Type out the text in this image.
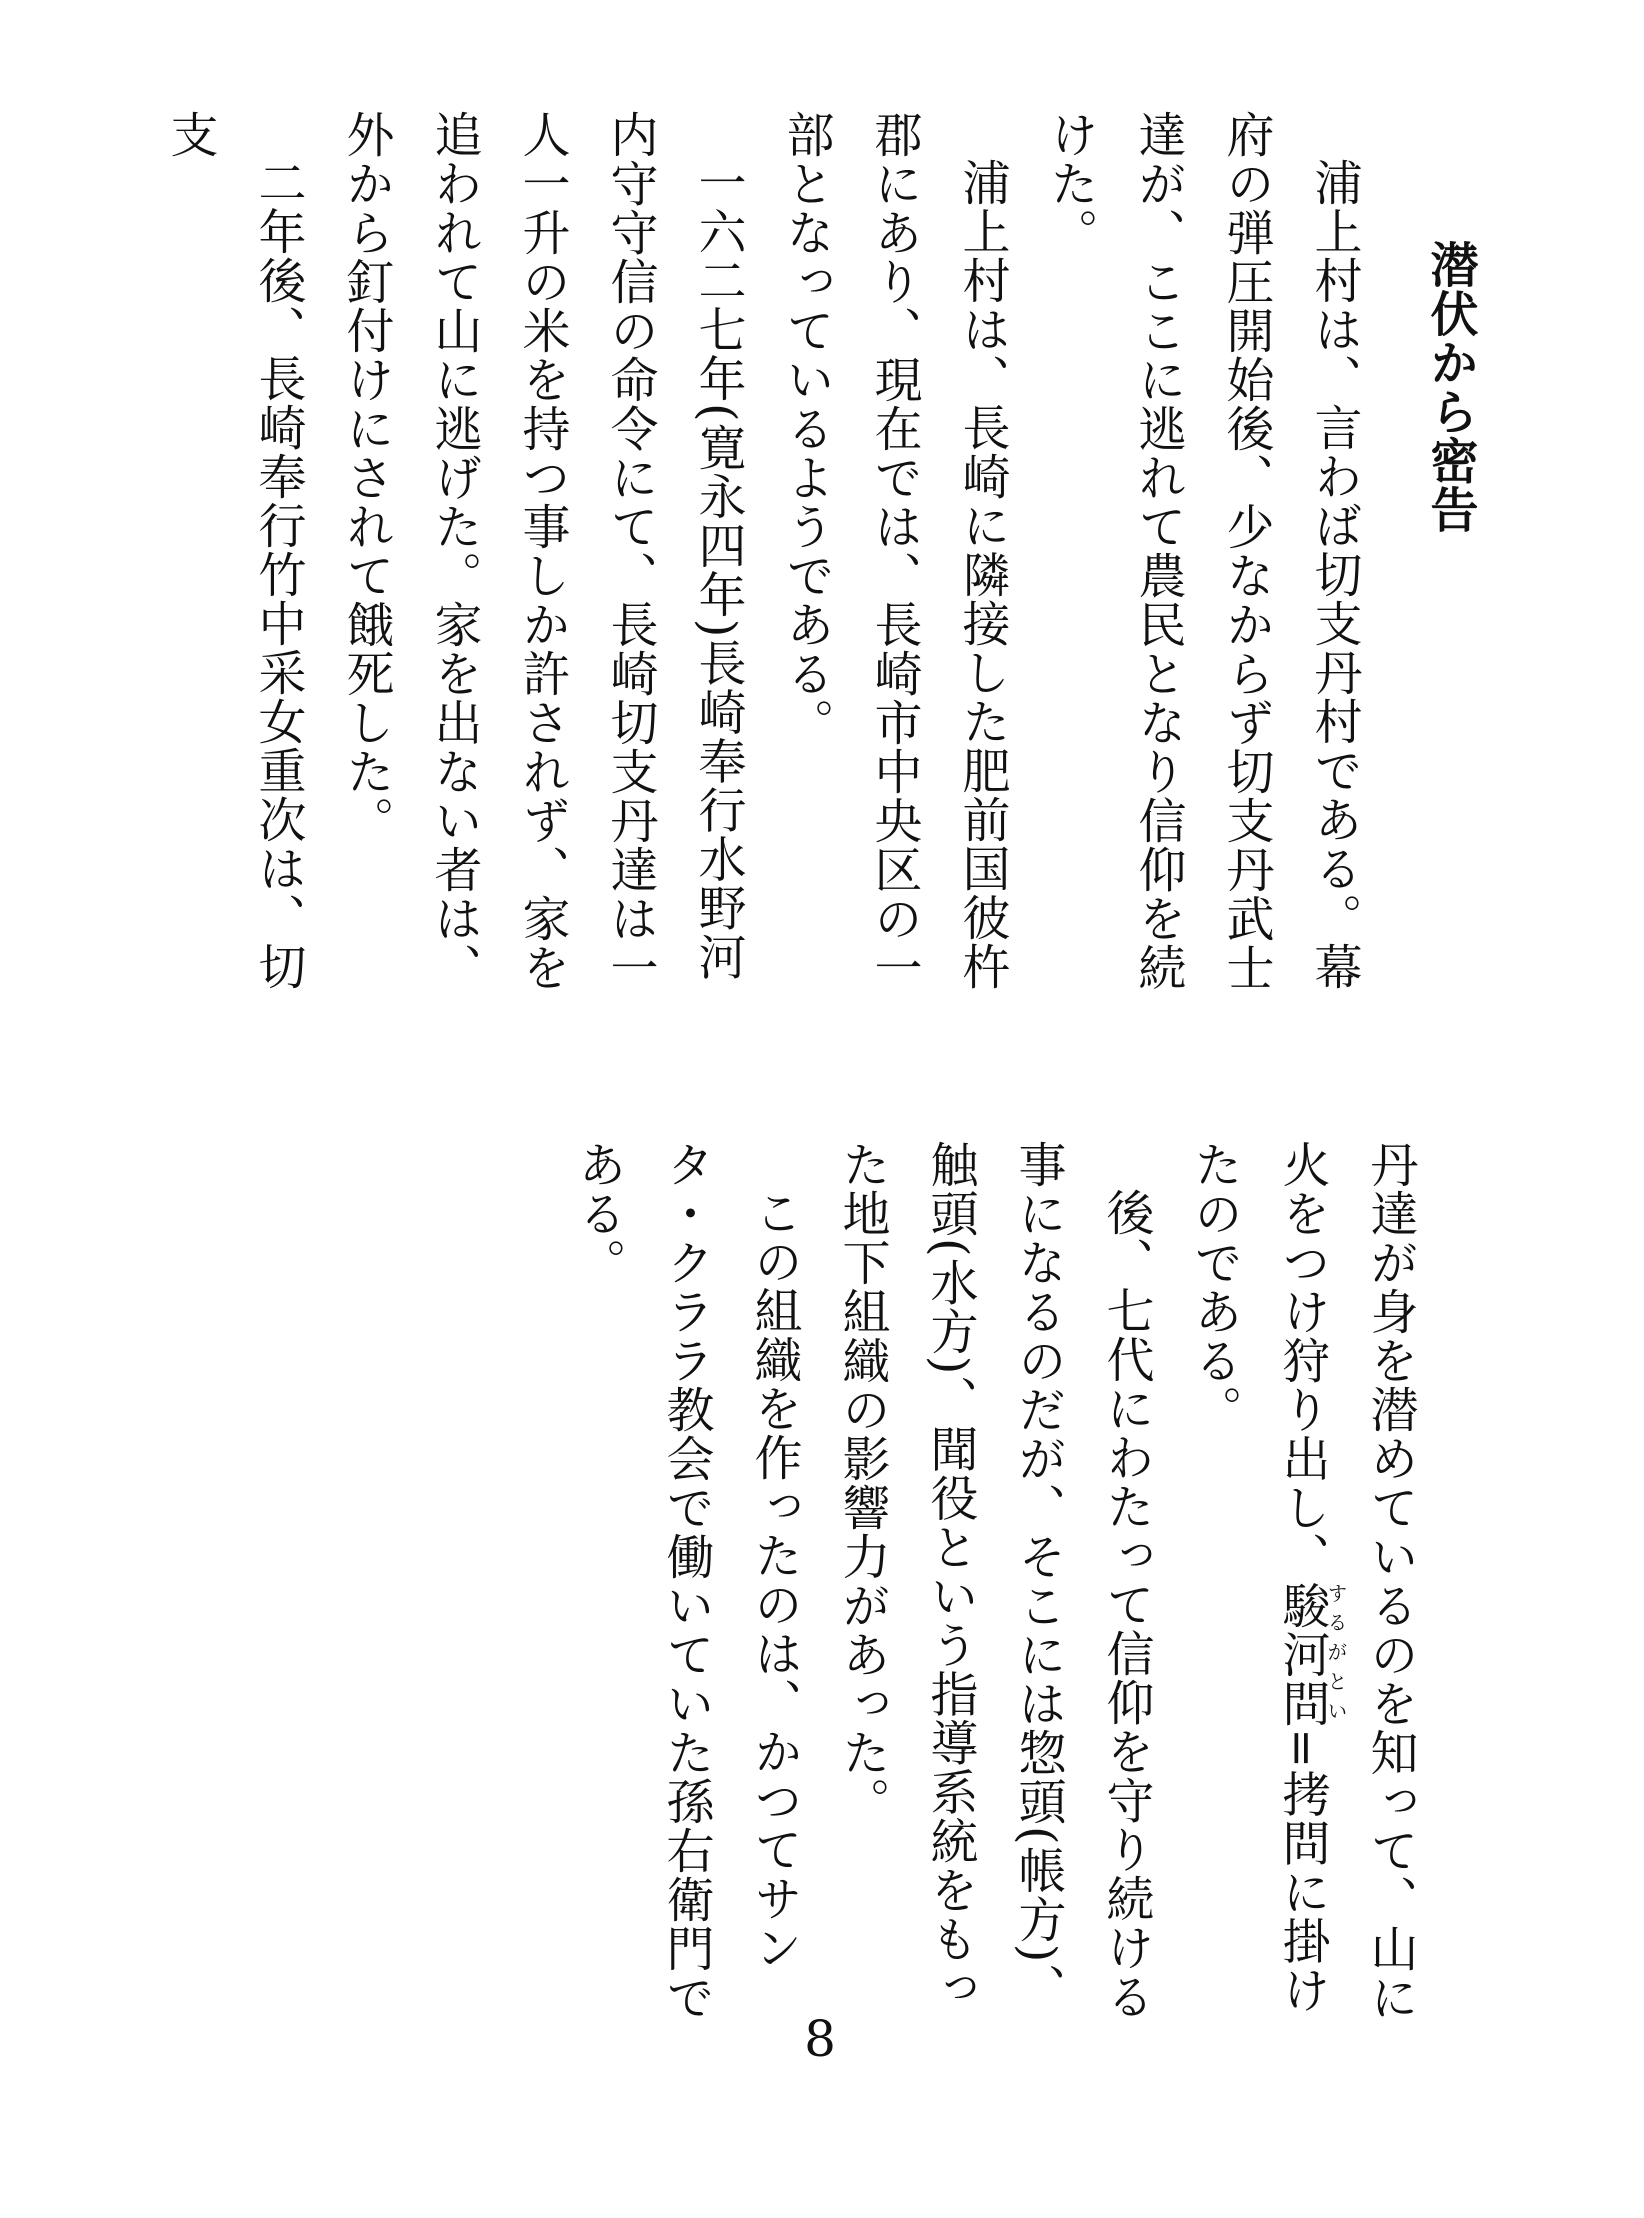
潜伏から密告

浦上村は、言わば切支丹村である。幕府の弾圧開始後、少なからず切支丹武士達が、ここに逃れて農民となり信仰を続けた。

浦上村は、長崎に隣接した肥前国彼杵郡にあり、現在では、長崎市中央区の一部となっているようである。

一六二七年(寛永四年)長崎奉行水野河内守守信の命令にて、長崎切支丹達は一人一升の米を持つ事しか許されず、家を追われて山に逃げた。家を出ない者は、外から釘付けにされて餓死した。

二年後、長崎奉行竹中采女重次は、切支

丹達が身を潜めているのを知って、山に火をつけ狩り出し、駿河問するがとい=拷問に掛けたのである。

後、七代にわたって信仰を守り続ける事になるのだが、そこには惣頭(帳方)、触頭(水方)、聞役という指導系統をもった地下組織の影響力があった。

この組織を作ったのは、かつてサンタ・クララ教会で働いていた孫右衛門である。

8
